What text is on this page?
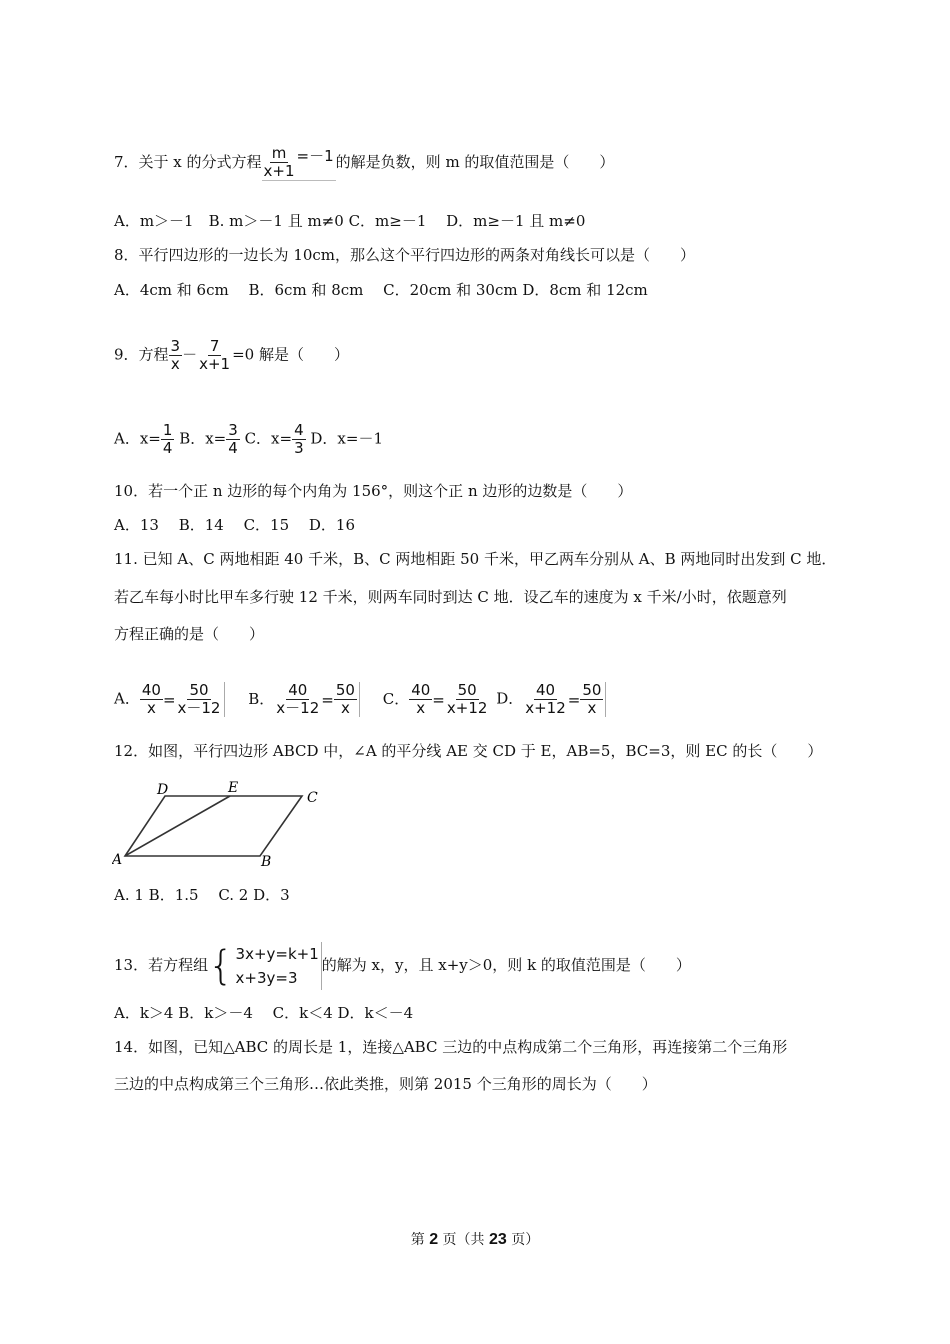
7．关于 x 的分式方程 $\frac{m}{x+1} =-1$ 的解是负数，则 m 的取值范围是（　　）
A．m＞－1　B. m＞－1 且 m≠0 C．m≥－1　 D．m≥－1 且 m≠0
8．平行四边形的一边长为 10cm，那么这个平行四边形的两条对角线长可以是（　　）
A．4cm 和 6cm　 B．6cm 和 8cm　 C．20cm 和 30cm D．8cm 和 12cm
9．方程 $\frac{3}{x} - \frac{7}{x+1} =0$ 解是（　　）
A．$x= \frac{1}{4}$ B．$x= \frac{3}{4}$ C．$x= \frac{4}{3}$ D．x=－1
10．若一个正 n 边形的每个内角为 156°，则这个正 n 边形的边数是（　　）
A．13　 B．14　 C．15　 D．16
11. 已知 A、C 两地相距 40 千米，B、C 两地相距 50 千米，甲乙两车分别从 A、B 两地同时出发到 C 地．
若乙车每小时比甲车多行驶 12 千米，则两车同时到达 C 地．设乙车的速度为 x 千米/小时，依题意列
方程正确的是（　　）
A． $\frac{40}{x} = \frac{50}{x-12}$ B． $\frac{40}{x-12} = \frac{50}{x}$ C． $\frac{40}{x} = \frac{50}{x+12}$ D． $\frac{40}{x+12} = \frac{50}{x}$
12．如图，平行四边形 ABCD 中，∠A 的平分线 AE 交 CD 于 E，AB=5，BC=3，则 EC 的长（　　）
A	B
C
D	E
A. 1 B．1.5　 C. 2 D．3
13．若方程组 { 3x+y=k+1
x+3y=3
的解为 x，y，且 x+y＞0，则 k 的取值范围是（　　）
A．k＞4 B．k＞－4　 C．k＜4 D．k＜－4
14．如图，已知△ABC 的周长是 1，连接△ABC 三边的中点构成第二个三角形，再连接第二个三角形
三边的中点构成第三个三角形…依此类推，则第 2015 个三角形的周长为（　　）
第 2 页（共 23 页）
